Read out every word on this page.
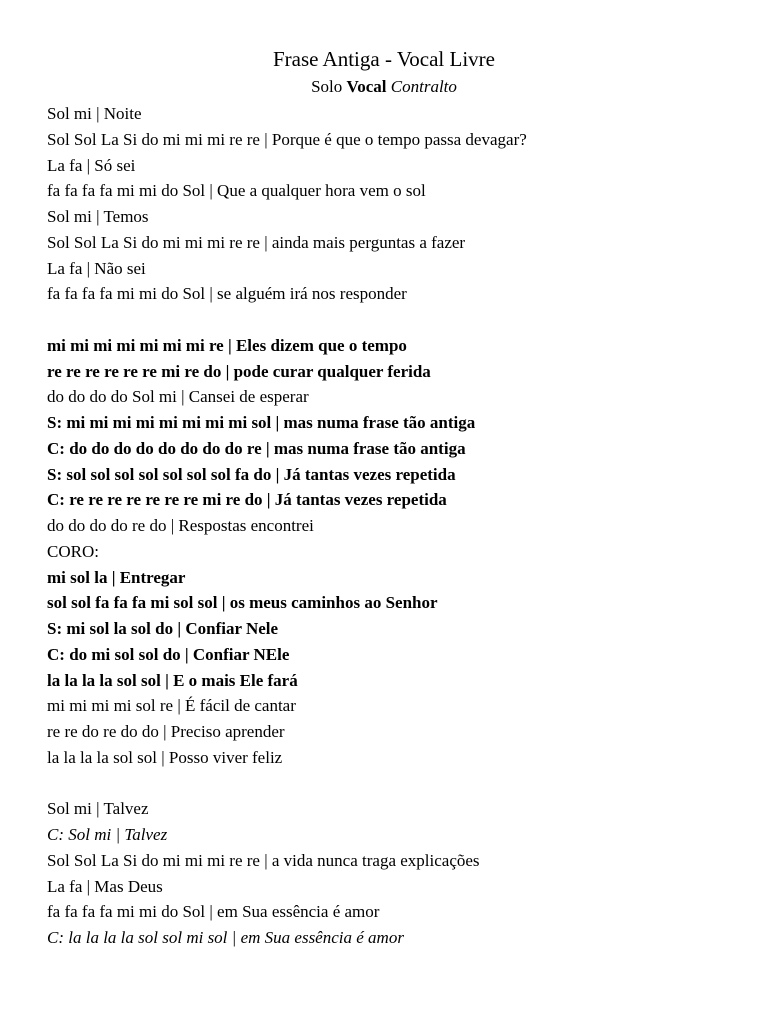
Frase Antiga - Vocal Livre
Solo Vocal Contralto
Sol mi | Noite
Sol Sol La Si do mi mi mi re re | Porque é que o tempo passa devagar?
La fa | Só sei
fa fa fa fa mi mi do Sol | Que a qualquer hora vem o sol
Sol mi | Temos
Sol Sol La Si do mi mi mi re re | ainda mais perguntas a fazer
La fa | Não sei
fa fa fa fa mi mi do Sol | se alguém irá nos responder
mi mi mi mi mi mi mi re | Eles dizem que o tempo
re re re re re re mi re do | pode curar qualquer ferida
do do do do Sol mi | Cansei de esperar
S: mi mi mi mi mi mi mi mi sol | mas numa frase tão antiga
C: do do do do do do do do re | mas numa frase tão antiga
S: sol sol sol sol sol sol sol fa do | Já tantas vezes repetida
C: re re re re re re re mi re do | Já tantas vezes repetida
do do do do re do | Respostas encontrei
CORO:
mi sol la | Entregar
sol sol fa fa fa mi sol sol | os meus caminhos ao Senhor
S: mi sol la sol do | Confiar Nele
C: do mi sol sol do | Confiar NEle
la la la la sol sol | E o mais Ele fará
mi mi mi mi sol re | É fácil de cantar
re re do re do do | Preciso aprender
la la la la sol sol | Posso viver feliz
Sol mi | Talvez
C: Sol mi | Talvez
Sol Sol La Si do mi mi mi re re | a vida nunca traga explicações
La fa | Mas Deus
fa fa fa fa mi mi do Sol | em Sua essência é amor
C: la la la la sol sol mi sol | em Sua essência é amor
